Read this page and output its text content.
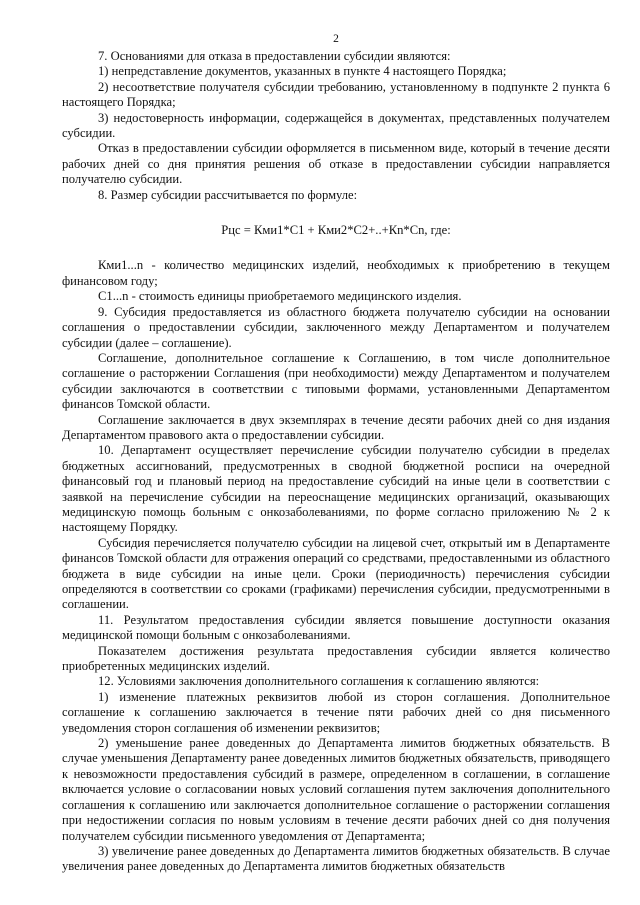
2

7. Основаниями для отказа в предоставлении субсидии являются:

1) непредставление документов, указанных в пункте 4 настоящего Порядка;

2) несоответствие получателя субсидии требованию, установленному в подпункте 2 пункта 6 настоящего Порядка;

3) недостоверность информации, содержащейся в документах, представленных получателем субсидии.

Отказ в предоставлении субсидии оформляется в письменном виде, который в течение десяти рабочих дней со дня принятия решения об отказе в предоставлении субсидии направляется получателю субсидии.

8. Размер субсидии рассчитывается по формуле:

Рцс = Кми1*С1 + Кми2*С2+..+Кn*Сn, где:

Кми1...n - количество медицинских изделий, необходимых к приобретению в текущем финансовом году;

С1...n - стоимость единицы приобретаемого медицинского изделия.

9. Субсидия предоставляется из областного бюджета получателю субсидии на основании соглашения о предоставлении субсидии, заключенного между Департаментом и получателем субсидии (далее – соглашение).

Соглашение, дополнительное соглашение к Соглашению, в том числе дополнительное соглашение о расторжении Соглашения (при необходимости) между Департаментом и получателем субсидии заключаются в соответствии с типовыми формами, установленными Департаментом финансов Томской области.

Соглашение заключается в двух экземплярах в течение десяти рабочих дней со дня издания Департаментом правового акта о предоставлении субсидии.

10. Департамент осуществляет перечисление субсидии получателю субсидии в пределах бюджетных ассигнований, предусмотренных в сводной бюджетной росписи на очередной финансовый год и плановый период на предоставление субсидий на иные цели в соответствии с заявкой на перечисление субсидии на переоснащение медицинских организаций, оказывающих медицинскую помощь больным с онкозаболеваниями, по форме согласно приложению № 2 к настоящему Порядку.

Субсидия перечисляется получателю субсидии на лицевой счет, открытый им в Департаменте финансов Томской области для отражения операций со средствами, предоставленными из областного бюджета в виде субсидии на иные цели. Сроки (периодичность) перечисления субсидии определяются в соответствии со сроками (графиками) перечисления субсидии, предусмотренными в соглашении.

11. Результатом предоставления субсидии является повышение доступности оказания медицинской помощи больным с онкозаболеваниями.

Показателем достижения результата предоставления субсидии является количество приобретенных медицинских изделий.

12. Условиями заключения дополнительного соглашения к соглашению являются:

1) изменение платежных реквизитов любой из сторон соглашения. Дополнительное соглашение к соглашению заключается в течение пяти рабочих дней со дня письменного уведомления сторон соглашения об изменении реквизитов;

2) уменьшение ранее доведенных до Департамента лимитов бюджетных обязательств. В случае уменьшения Департаменту ранее доведенных лимитов бюджетных обязательств, приводящего к невозможности предоставления субсидий в размере, определенном в соглашении, в соглашение включается условие о согласовании новых условий соглашения путем заключения дополнительного соглашения к соглашению или заключается дополнительное соглашение о расторжении соглашения при недостижении согласия по новым условиям в течение десяти рабочих дней со дня получения получателем субсидии письменного уведомления от Департамента;

3) увеличение ранее доведенных до Департамента лимитов бюджетных обязательств. В случае увеличения ранее доведенных до Департамента лимитов бюджетных обязательств
